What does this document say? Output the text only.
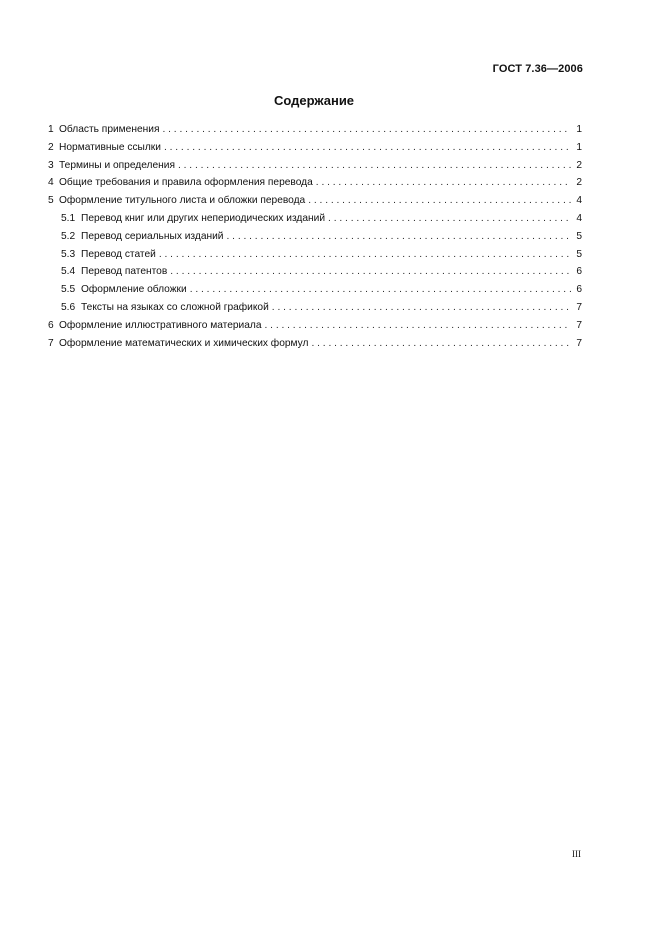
ГОСТ 7.36—2006
Содержание
1 Область применения . . .	1
2 Нормативные ссылки . . .	1
3 Термины и определения . . .	2
4 Общие требования и правила оформления перевода . . .	2
5 Оформление титульного листа и обложки перевода . . .	4
5.1 Перевод книг или других непериодических изданий . . .	4
5.2 Перевод сериальных изданий . . .	5
5.3 Перевод статей . . .	5
5.4 Перевод патентов . . .	6
5.5 Оформление обложки . . .	6
5.6 Тексты на языках со сложной графикой . . .	7
6 Оформление иллюстративного материала . . .	7
7 Оформление математических и химических формул . . .	7
III
